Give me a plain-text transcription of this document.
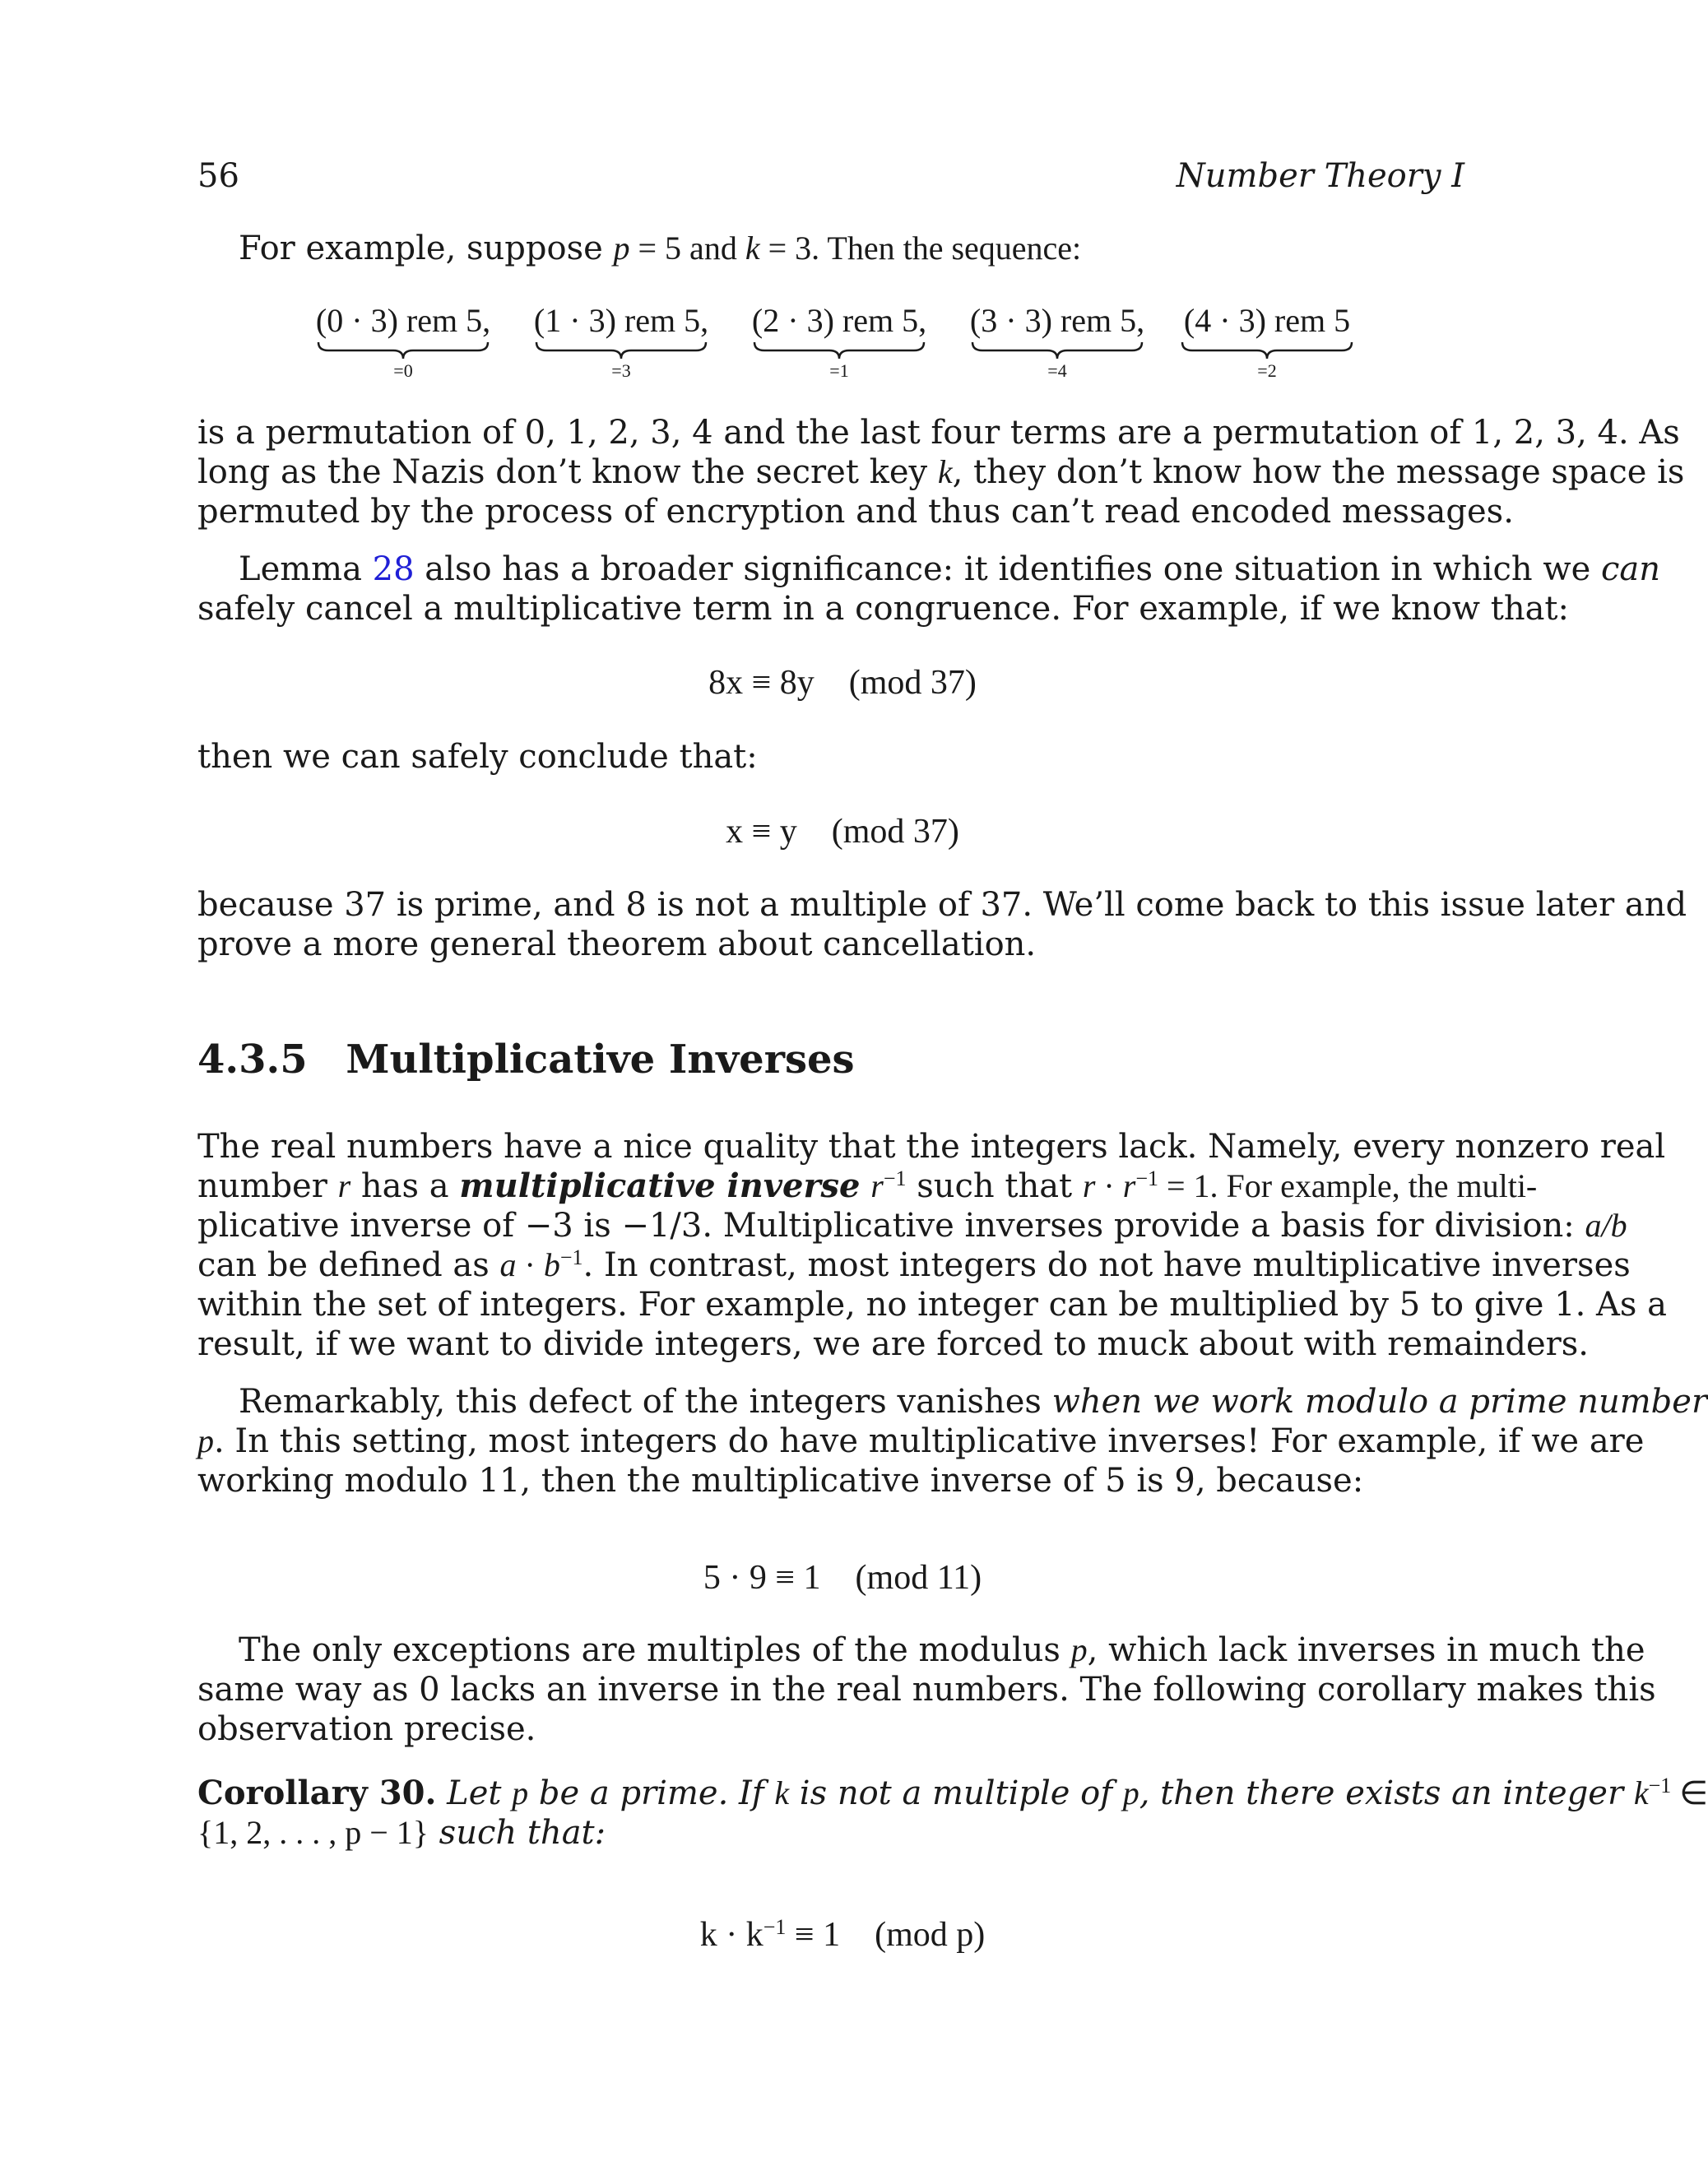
56	Number Theory I
For example, suppose p = 5 and k = 3. Then the sequence:
(0 · 3) rem 5,
=0
(1 · 3) rem 5,
=3
(2 · 3) rem 5,
=1
(3 · 3) rem 5,
=4
(4 · 3) rem 5
=2
is a permutation of 0, 1, 2, 3, 4 and the last four terms are a permutation of 1, 2, 3, 4. As
long as the Nazis don’t know the secret key k, they don’t know how the message space is
permuted by the process of encryption and thus can’t read encoded messages.
Lemma 28 also has a broader significance: it identifies one situation in which we can
safely cancel a multiplicative term in a congruence. For example, if we know that:
8x ≡ 8y    (mod 37)
then we can safely conclude that:
x ≡ y    (mod 37)
because 37 is prime, and 8 is not a multiple of 37. We’ll come back to this issue later and
prove a more general theorem about cancellation.
4.3.5 Multiplicative Inverses
The real numbers have a nice quality that the integers lack. Namely, every nonzero real
number r has a multiplicative inverse $r^{-1}$ such that $r \cdot r^{-1} = 1$. For example, the multi-
plicative inverse of −3 is −1/3. Multiplicative inverses provide a basis for division: a/b
can be defined as $a \cdot b^{-1}$. In contrast, most integers do not have multiplicative inverses
within the set of integers. For example, no integer can be multiplied by 5 to give 1. As a
result, if we want to divide integers, we are forced to muck about with remainders.
Remarkably, this defect of the integers vanishes when we work modulo a prime number
p. In this setting, most integers do have multiplicative inverses! For example, if we are
working modulo 11, then the multiplicative inverse of 5 is 9, because:
5 · 9 ≡ 1    (mod 11)
The only exceptions are multiples of the modulus p, which lack inverses in much the
same way as 0 lacks an inverse in the real numbers. The following corollary makes this
observation precise.
Corollary 30. Let p be a prime. If k is not a multiple of p, then there exists an integer $k^{-1}$ ∈
{1, 2, . . . , p − 1} such that:
$k \cdot k^{-1} \equiv 1$    (mod p)
